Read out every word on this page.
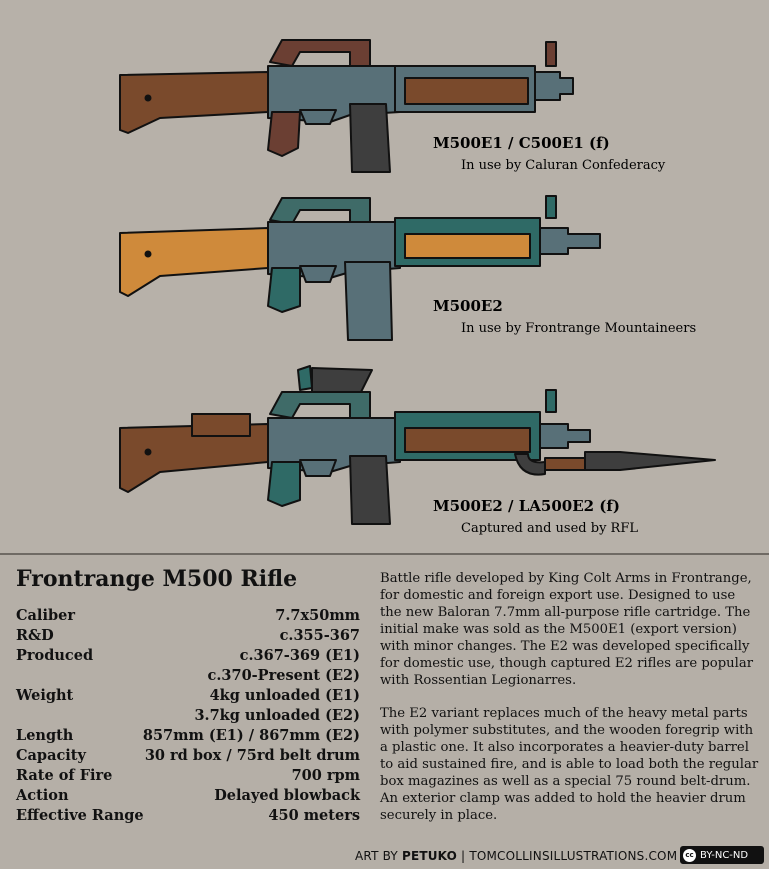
M500E1 / C500E1 (f)
In use by Caluran Confederacy
M500E2
In use by Frontrange Mountaineers
M500E2 / LA500E2 (f)
Captured and used by RFL
Frontrange M500 Rifle
Caliber	7.7x50mm
R&D	c.355-367
Produced	c.367-369 (E1)
c.370-Present (E2)
Weight	4kg unloaded (E1)
3.7kg unloaded (E2)
Length	857mm (E1) / 867mm (E2)
Capacity	30 rd box / 75rd belt drum
Rate of Fire	700 rpm
Action	Delayed blowback
Effective Range	450 meters

Battle rifle developed by King Colt Arms in Frontrange, for domestic and foreign export use. Designed to use the new Baloran 7.7mm all-purpose rifle cartridge. The initial make was sold as the M500E1 (export version) with minor changes. The E2 was developed specifically for domestic use, though captured E2 rifles are popular with Rossentian Legionarres.

The E2 variant replaces much of the heavy metal parts with polymer substitutes, and the wooden foregrip with a plastic one. It also incorporates a heavier-duty barrel to aid sustained fire, and is able to load both the regular box magazines as well as a special 75 round belt-drum. An exterior clamp was added to hold the heavier drum securely in place.

ART BY PETUKO | TOMCOLLINSILLUSTRATIONS.COM	cc BY-NC-ND
